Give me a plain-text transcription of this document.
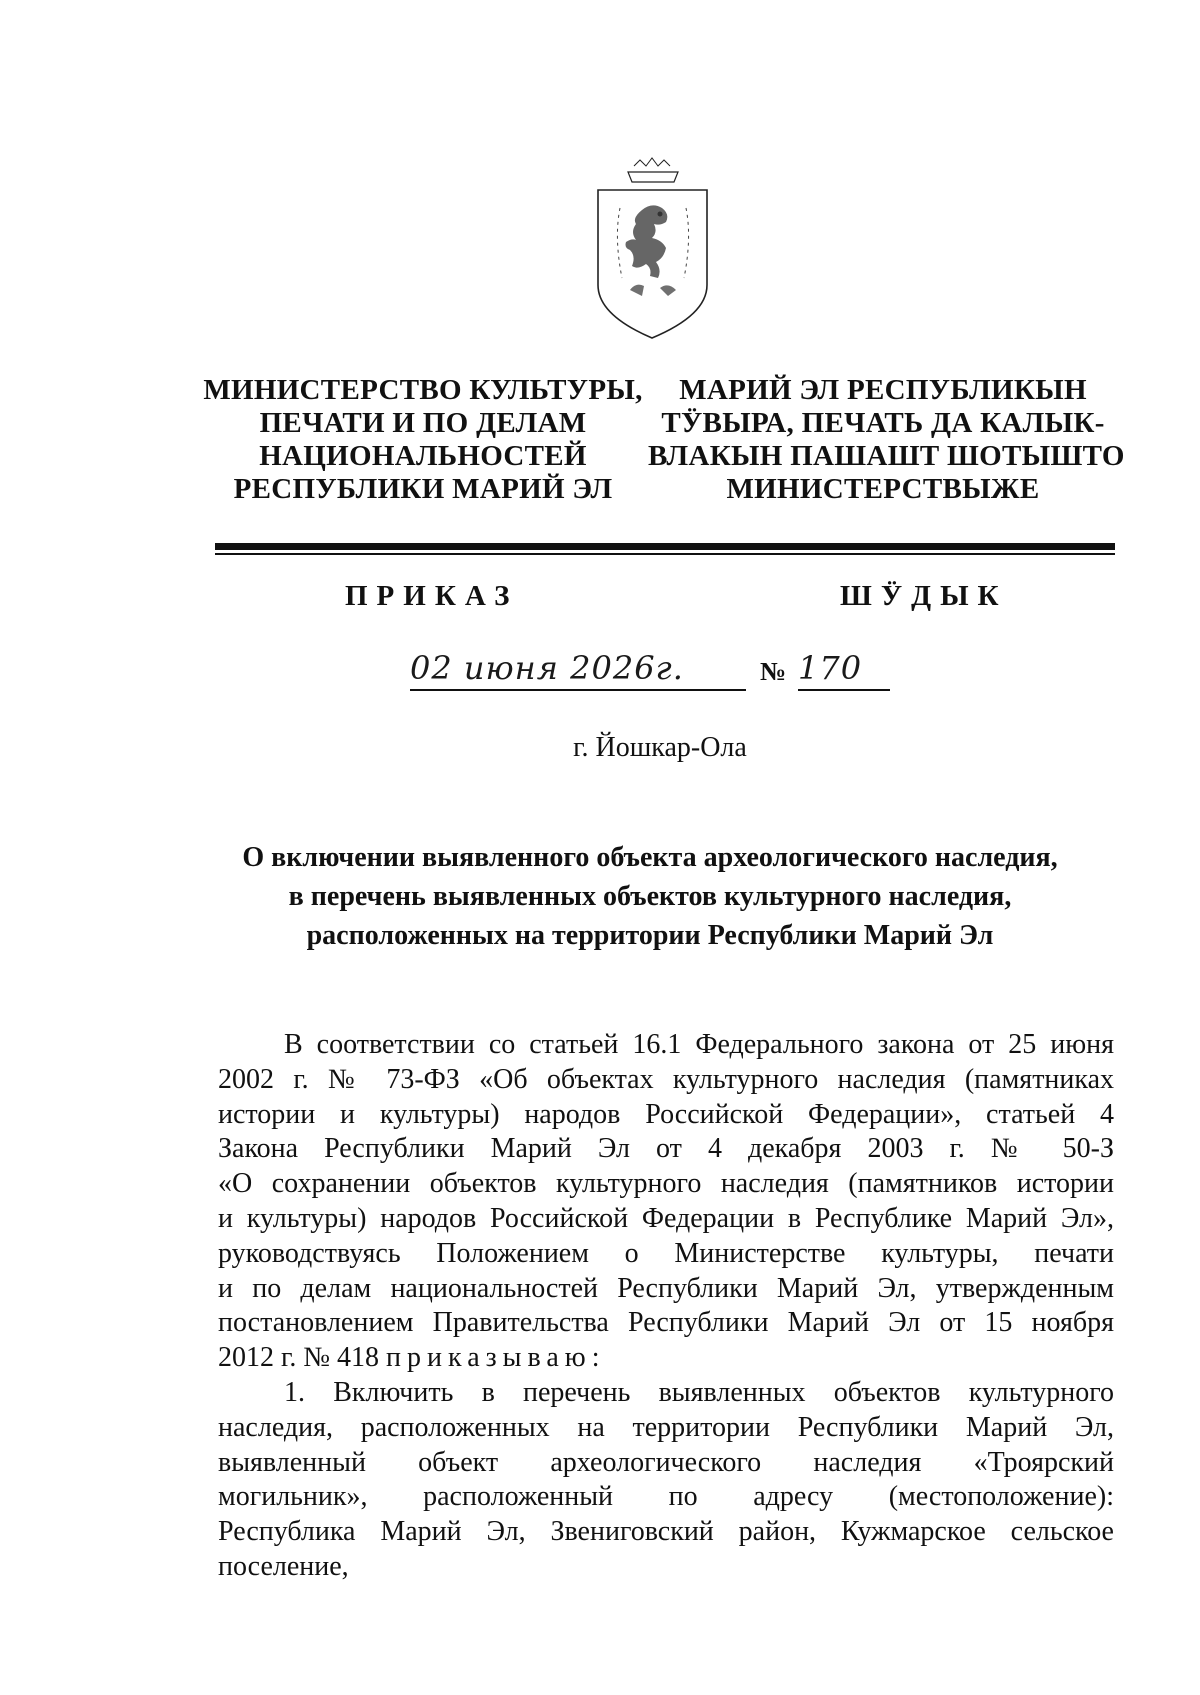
МИНИСТЕРСТВО КУЛЬТУРЫ,
ПЕЧАТИ И ПО ДЕЛАМ
НАЦИОНАЛЬНОСТЕЙ
РЕСПУБЛИКИ МАРИЙ ЭЛ
МАРИЙ ЭЛ РЕСПУБЛИКЫН
ТӰВЫРА, ПЕЧАТЬ ДА КАЛЫК-
ВЛАКЫН ПАШАШТ ШОТЫШТО
МИНИСТЕРСТВЫЖЕ
ПРИКАЗ	ШӰДЫК
02 июня 2026г.	№ 170
г. Йошкар-Ола
О включении выявленного объекта археологического наследия,
в перечень выявленных объектов культурного наследия,
расположенных на территории Республики Марий Эл
В соответствии со статьей 16.1 Федерального закона от 25 июня
2002 г. № 73-ФЗ «Об объектах культурного наследия (памятниках
истории и культуры) народов Российской Федерации», статьей 4
Закона Республики Марий Эл от 4 декабря 2003 г. № 50-З
«О сохранении объектов культурного наследия (памятников истории
и культуры) народов Российской Федерации в Республике Марий Эл»,
руководствуясь Положением о Министерстве культуры, печати
и по делам национальностей Республики Марий Эл, утвержденным
постановлением Правительства Республики Марий Эл от 15 ноября
2012 г. № 418 приказываю:
1. Включить в перечень выявленных объектов культурного
наследия, расположенных на территории Республики Марий Эл,
выявленный объект археологического наследия «Троярский
могильник», расположенный по адресу (местоположение):
Республика Марий Эл, Звениговский район, Кужмарское сельское
поселение,
